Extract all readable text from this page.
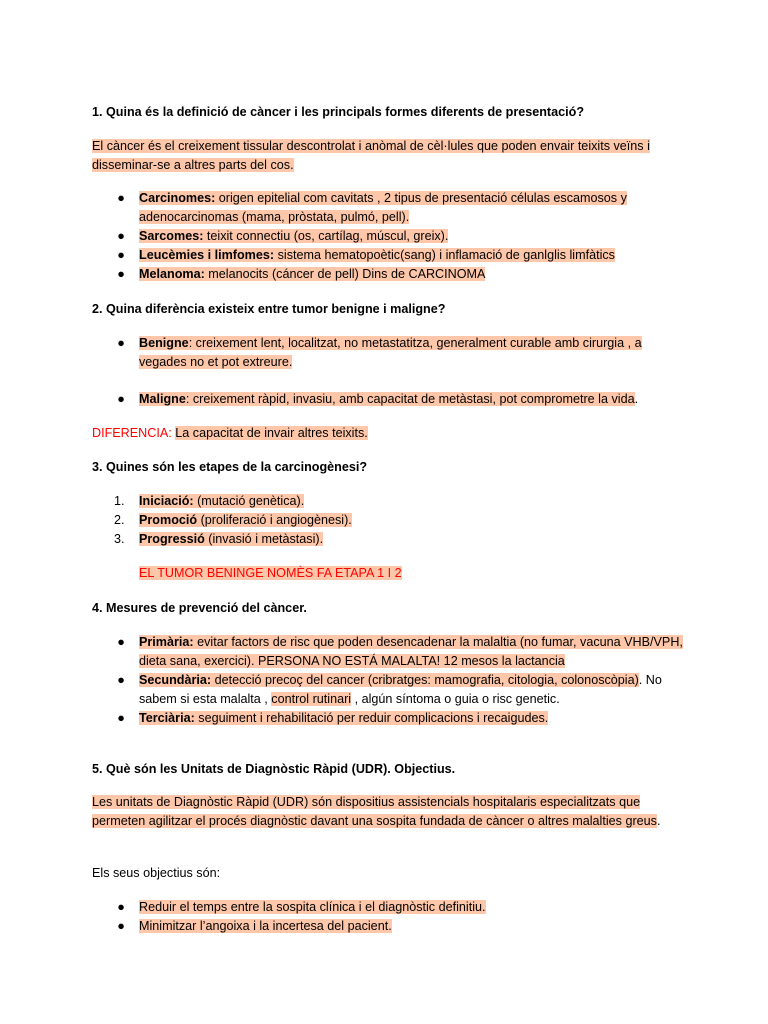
1. Quina és la definició de càncer i les principals formes diferents de presentació?
El càncer és el creixement tissular descontrolat i anòmal de cèl·lules que poden envair teixits veïns i disseminar-se a altres parts del cos.
● Carcinomes: origen epitelial com cavitats , 2 tipus de presentació células escamosos y adenocarcinomas (mama, pròstata, pulmó, pell).
● Sarcomes: teixit connectiu (os, cartílag, múscul, greix).
● Leucèmies i limfomes: sistema hematopoètic(sang) i inflamació de ganlglis limfàtics
● Melanoma: melanocits (cáncer de pell) Dins de CARCINOMA
2. Quina diferència existeix entre tumor benigne i maligne?
● Benigne: creixement lent, localitzat, no metastatitza, generalment curable amb cirurgia , a vegades no et pot extreure.
● Maligne: creixement ràpid, invasiu, amb capacitat de metàstasi, pot comprometre la vida.
DIFERENCIA: La capacitat de invair altres teixits.
3. Quines són les etapes de la carcinogènesi?
1.	Iniciació: (mutació genètica).
2.	Promoció (proliferació i angiogènesi).
3.	Progressió (invasió i metàstasi).
EL TUMOR BENINGE NOMÈS FA ETAPA 1 I 2
4. Mesures de prevenció del càncer.
● Primària: evitar factors de risc que poden desencadenar la malaltia (no fumar, vacuna VHB/VPH, dieta sana, exercici). PERSONA NO ESTÁ MALALTA! 12 mesos la lactancia
● Secundària: detecció precoç del cancer (cribratges: mamografia, citologia, colonoscòpia). No sabem si esta malalta , control rutinari , algún síntoma o guia o risc genetic.
● Terciària: seguiment i rehabilitació per reduir complicacions i recaigudes.
5. Què són les Unitats de Diagnòstic Ràpid (UDR). Objectius.
Les unitats de Diagnòstic Ràpid (UDR) són dispositius assistencials hospitalaris especialitzats que permeten agilitzar el procés diagnòstic davant una sospita fundada de càncer o altres malalties greus.
Els seus objectius són:
● Reduir el temps entre la sospita clínica i el diagnòstic definitiu.
● Minimitzar l’angoixa i la incertesa del pacient.
